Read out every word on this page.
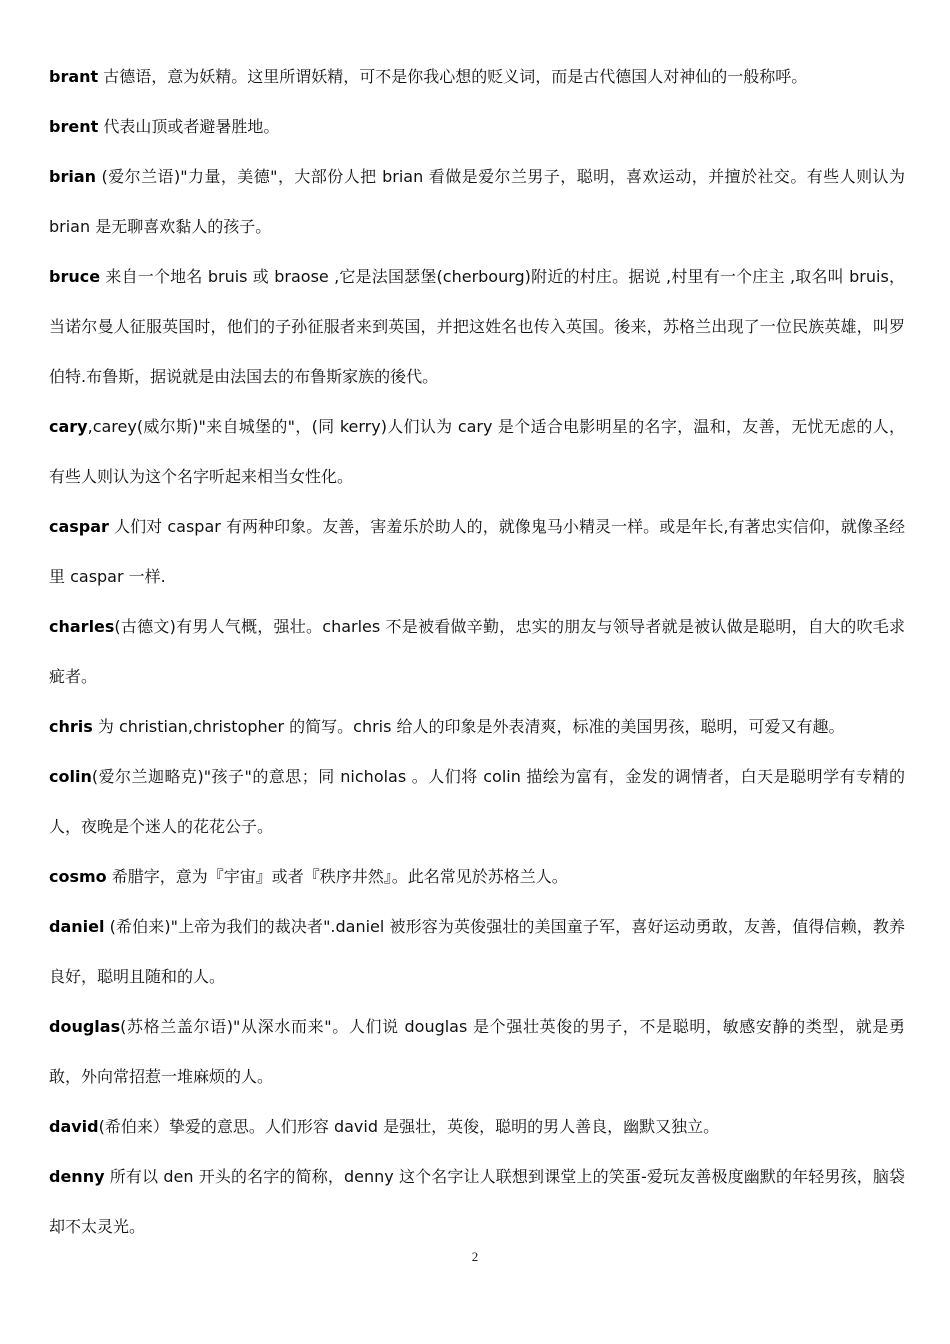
brant 古德语，意为妖精。这里所谓妖精，可不是你我心想的贬义词，而是古代德国人对神仙的一般称呼。

brent 代表山顶或者避暑胜地。

brian (爱尔兰语)"力量，美德"，大部份人把 brian 看做是爱尔兰男子，聪明，喜欢运动，并擅於社交。有些人则认为 brian 是无聊喜欢黏人的孩子。

bruce 来自一个地名 bruis 或 braose ,它是法国瑟堡(cherbourg)附近的村庄。据说 ,村里有一个庄主 ,取名叫 bruis，当诺尔曼人征服英国时，他们的子孙征服者来到英国，并把这姓名也传入英国。後来，苏格兰出现了一位民族英雄，叫罗伯特.布鲁斯，据说就是由法国去的布鲁斯家族的後代。

cary,carey(威尔斯)"来自城堡的"，(同 kerry)人们认为 cary 是个适合电影明星的名字，温和，友善，无忧无虑的人，有些人则认为这个名字听起来相当女性化。

caspar 人们对 caspar 有两种印象。友善，害羞乐於助人的，就像鬼马小精灵一样。或是年长,有著忠实信仰，就像圣经里 caspar 一样.

charles(古德文)有男人气概，强壮。charles 不是被看做辛勤，忠实的朋友与领导者就是被认做是聪明，自大的吹毛求疵者。

chris 为 christian,christopher 的简写。chris 给人的印象是外表清爽，标准的美国男孩，聪明，可爱又有趣。

colin(爱尔兰迦略克)"孩子"的意思；同 nicholas 。人们将 colin 描绘为富有，金发的调情者，白天是聪明学有专精的人，夜晚是个迷人的花花公子。

cosmo 希腊字，意为『宇宙』或者『秩序井然』。此名常见於苏格兰人。

daniel (希伯来)"上帝为我们的裁决者".daniel 被形容为英俊强壮的美国童子军，喜好运动勇敢，友善，值得信赖，教养良好，聪明且随和的人。

douglas(苏格兰盖尔语)"从深水而来"。人们说 douglas 是个强壮英俊的男子，不是聪明，敏感安静的类型，就是勇敢，外向常招惹一堆麻烦的人。

david(希伯来）挚爱的意思。人们形容 david 是强壮，英俊，聪明的男人善良，幽默又独立。

denny 所有以 den 开头的名字的简称，denny 这个名字让人联想到课堂上的笑蛋-爱玩友善极度幽默的年轻男孩，脑袋却不太灵光。

2
